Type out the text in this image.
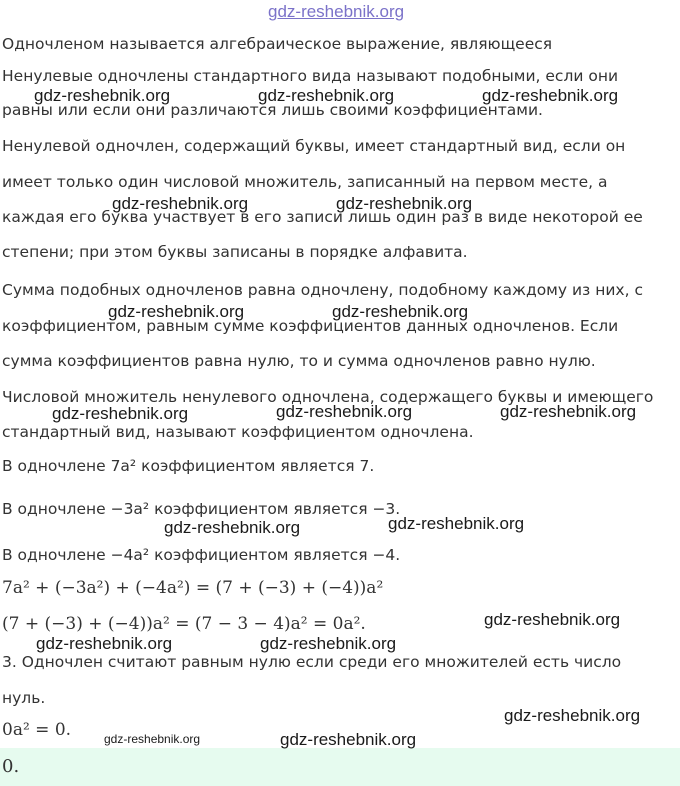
gdz-reshebnik.org
Одночленом называется алгебраическое выражение, являющееся
Ненулевые одночлены стандартного вида называют подобными, если они
равны или если они различаются лишь своими коэффициентами.
Ненулевой одночлен, содержащий буквы, имеет стандартный вид, если он
имеет только один числовой множитель, записанный на первом месте, а
каждая его буква участвует в его записи лишь один раз в виде некоторой ее
степени; при этом буквы записаны в порядке алфавита.
Сумма подобных одночленов равна одночлену, подобному каждому из них, с
коэффициентом, равным сумме коэффициентов данных одночленов. Если
сумма коэффициентов равна нулю, то и сумма одночленов равно нулю.
Числовой множитель ненулевого одночлена, содержащего буквы и имеющего
стандартный вид, называют коэффициентом одночлена.
В одночлене 7a² коэффициентом является 7.
В одночлене −3a² коэффициентом является −3.
В одночлене −4a² коэффициентом является −4.
7a² + (−3a²) + (−4a²) = (7 + (−3) + (−4))a²
(7 + (−3) + (−4))a² = (7 − 3 − 4)a² = 0a².
3. Одночлен считают равным нулю если среди его множителей есть число
нуль.
0a² = 0.
0.
gdz-reshebnik.org	gdz-reshebnik.org	gdz-reshebnik.org
gdz-reshebnik.org	gdz-reshebnik.org
gdz-reshebnik.org	gdz-reshebnik.org
gdz-reshebnik.org	gdz-reshebnik.org	gdz-reshebnik.org
gdz-reshebnik.org	gdz-reshebnik.org
gdz-reshebnik.org
gdz-reshebnik.org	gdz-reshebnik.org
gdz-reshebnik.org
gdz-reshebnik.org	gdz-reshebnik.org
